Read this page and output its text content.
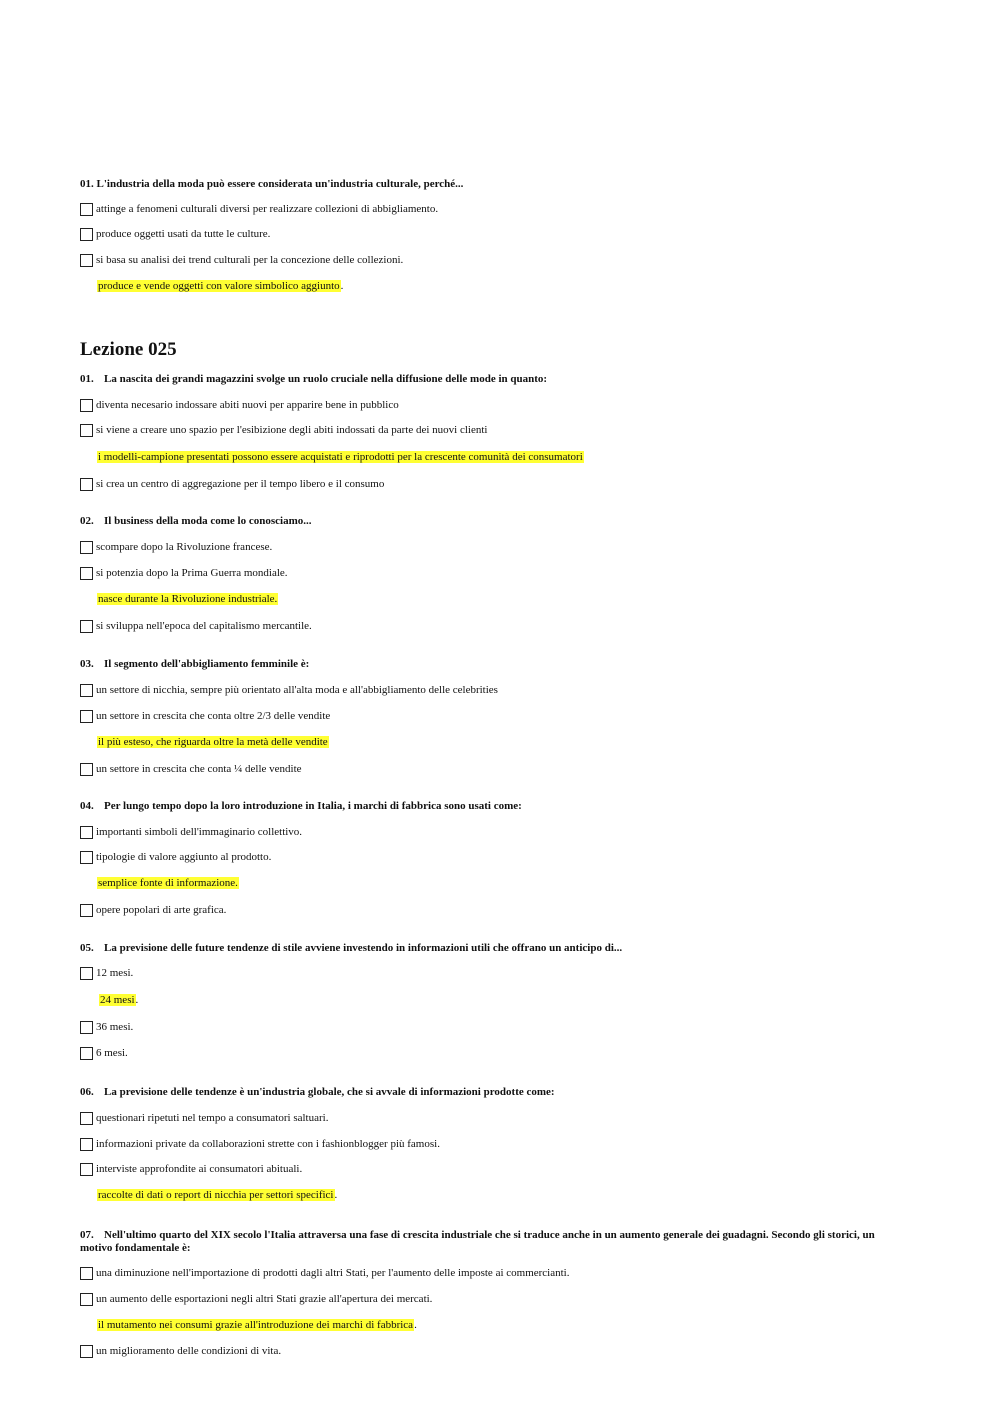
01. L'industria della moda può essere considerata un'industria culturale, perché...
attinge a fenomeni culturali diversi per realizzare collezioni di abbigliamento.
produce oggetti usati da tutte le culture.
si basa su analisi dei trend culturali per la concezione delle collezioni.
produce e vende oggetti con valore simbolico aggiunto.
Lezione 025
01. La nascita dei grandi magazzini svolge un ruolo cruciale nella diffusione delle mode in quanto:
diventa necesario indossare abiti nuovi per apparire bene in pubblico
si viene a creare uno spazio per l'esibizione degli abiti indossati da parte dei nuovi clienti
i modelli-campione presentati possono essere acquistati e riprodotti per la crescente comunità dei consumatori
si crea un centro di aggregazione per il tempo libero e il consumo
02. Il business della moda come lo conosciamo...
scompare dopo la Rivoluzione francese.
si potenzia dopo la Prima Guerra mondiale.
nasce durante la Rivoluzione industriale.
si sviluppa nell'epoca del capitalismo mercantile.
03. Il segmento dell'abbigliamento femminile è:
un settore di nicchia, sempre più orientato all'alta moda e all'abbigliamento delle celebrities
un settore in crescita che conta oltre 2/3 delle vendite
il più esteso, che riguarda oltre la metà delle vendite
un settore in crescita che conta ¼ delle vendite
04. Per lungo tempo dopo la loro introduzione in Italia, i marchi di fabbrica sono usati come:
importanti simboli dell'immaginario collettivo.
tipologie di valore aggiunto al prodotto.
semplice fonte di informazione.
opere popolari di arte grafica.
05. La previsione delle future tendenze di stile avviene investendo in informazioni utili che offrano un anticipo di...
12 mesi.
24 mesi.
36 mesi.
6 mesi.
06. La previsione delle tendenze è un'industria globale, che si avvale di informazioni prodotte come:
questionari ripetuti nel tempo a consumatori saltuari.
informazioni private da collaborazioni strette con i fashionblogger più famosi.
interviste approfondite ai consumatori abituali.
raccolte di dati o report di nicchia per settori specifici.
07. Nell'ultimo quarto del XIX secolo l'Italia attraversa una fase di crescita industriale che si traduce anche in un aumento generale dei guadagni. Secondo gli storici, un motivo fondamentale è:
una diminuzione nell'importazione di prodotti dagli altri Stati, per l'aumento delle imposte ai commercianti.
un aumento delle esportazioni negli altri Stati grazie all'apertura dei mercati.
il mutamento nei consumi grazie all'introduzione dei marchi di fabbrica.
un miglioramento delle condizioni di vita.
